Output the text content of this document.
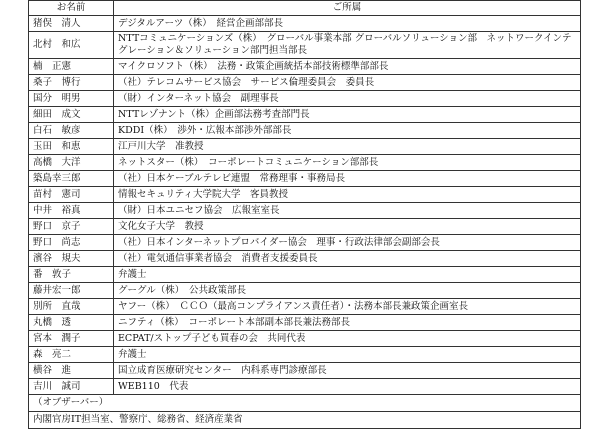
お名前	ご所属
猪俣　清人	デジタルアーツ（株）　経営企画部部長
北村　和広	NTTコミュニケーションズ（株）　グローバル事業本部 グローバルソリューション部　ネットワークインテグレーション＆ソリューション部門担当部長
楠　正憲	マイクロソフト（株）　法務・政策企画統括本部技術標準部部長
桑子　博行	（社）テレコムサービス協会　サービス倫理委員会　委員長
国分　明男	（財）インターネット協会　副理事長
細田　成文	NTTレゾナント（株）企画部法務考査部門長
白石　敏彦	KDDI（株）　渉外・広報本部渉外部部長
玉田　和恵	江戸川大学　准教授
高橋　大洋	ネットスター（株）　コーポレートコミュニケーション部部長
築島幸三郎	（社）日本ケーブルテレビ連盟　常務理事・事務局長
苗村　憲司	情報セキュリティ大学院大学　客員教授
中井　裕真	（財）日本ユニセフ協会　広報室室長
野口　京子	文化女子大学　教授
野口　尚志	（社）日本インターネットプロバイダー協会　理事・行政法律部会副部会長
濱谷　規夫	（社）電気通信事業者協会　消費者支援委員長
番　敦子	弁護士
藤井宏一郎	グーグル（株）　公共政策部長
別所　直哉	ヤフー（株）　ＣＣＯ（最高コンプライアンス責任者）・法務本部長兼政策企画室長
丸橋　透	ニフティ（株）　コーポレート本部副本部長兼法務部長
宮本　潤子	ECPAT/ストップ子ども買春の会　共同代表
森　亮二	弁護士
横谷　進	国立成育医療研究センター　内科系専門診療部長
吉川　誠司	WEB110　代表
（オブザーバー）	
内閣官房IT担当室、警察庁、総務省、経済産業省	
